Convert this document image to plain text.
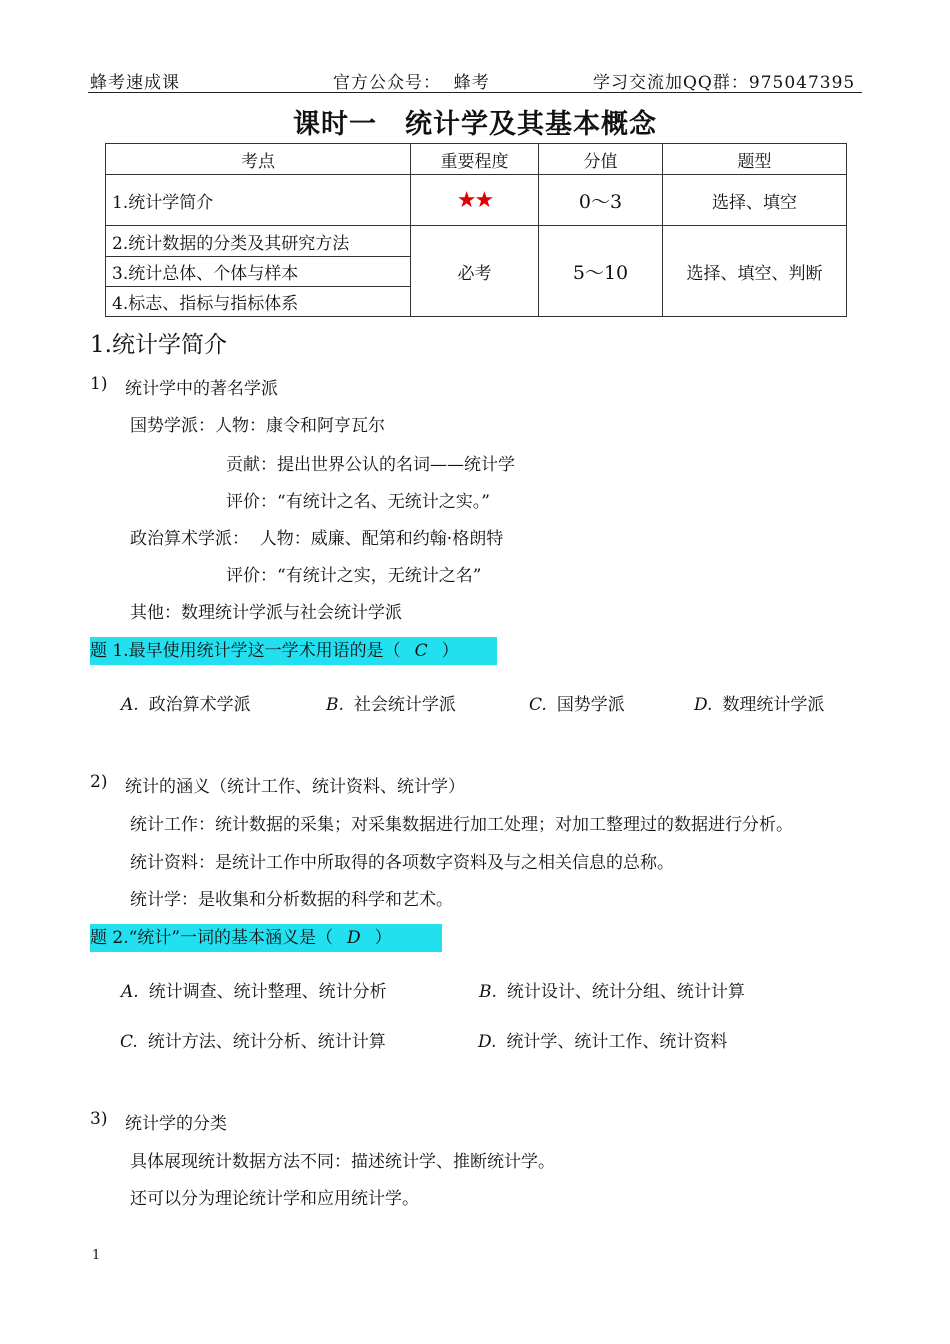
蜂考速成课	官方公众号：  蜂考	学习交流加QQ群：975047395
课时一 统计学及其基本概念
考点	重要程度	分值	题型
1.统计学简介	★★	0～3	选择、填空
2.统计数据的分类及其研究方法	必考	5～10	选择、填空、判断
3.统计总体、个体与样本			
4.标志、指标与指标体系			
1.统计学简介
1) 统计学中的著名学派
国势学派：人物：康令和阿亨瓦尔
贡献：提出世界公认的名词——统计学
评价：“有统计之名、无统计之实。”
政治算术学派：  人物：威廉、配第和约翰·格朗特
评价：“有统计之实，无统计之名”
其他：数理统计学派与社会统计学派
题 1.最早使用统计学这一学术用语的是（ C ）
A. 政治算术学派	B. 社会统计学派	C. 国势学派	D. 数理统计学派
2) 统计的涵义（统计工作、统计资料、统计学）
统计工作：统计数据的采集；对采集数据进行加工处理；对加工整理过的数据进行分析。
统计资料：是统计工作中所取得的各项数字资料及与之相关信息的总称。
统计学：是收集和分析数据的科学和艺术。
题 2.“统计”一词的基本涵义是（ D ）
A. 统计调查、统计整理、统计分析	B. 统计设计、统计分组、统计计算
C. 统计方法、统计分析、统计计算	D. 统计学、统计工作、统计资料
3) 统计学的分类
具体展现统计数据方法不同：描述统计学、推断统计学。
还可以分为理论统计学和应用统计学。
1
